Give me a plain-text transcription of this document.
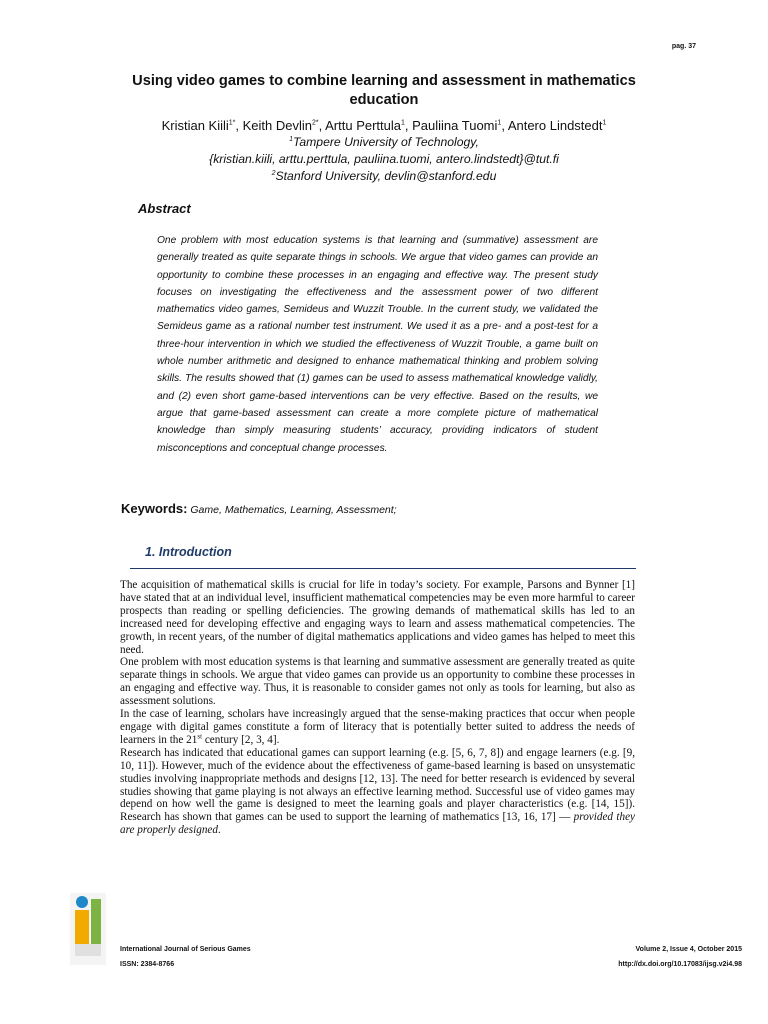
pag. 37
Using video games to combine learning and assessment in mathematics education
Kristian Kiili$^{1*}$, Keith Devlin$^{2*}$, Arttu Perttula$^1$, Pauliina Tuomi$^1$, Antero Lindstedt$^1$
$^1$Tampere University of Technology,
{kristian.kiili, arttu.perttula, pauliina.tuomi, antero.lindstedt}@tut.fi
$^2$Stanford University, devlin@stanford.edu
Abstract
One problem with most education systems is that learning and (summative) assessment are generally treated as quite separate things in schools. We argue that video games can provide an opportunity to combine these processes in an engaging and effective way. The present study focuses on investigating the effectiveness and the assessment power of two different mathematics video games, Semideus and Wuzzit Trouble. In the current study, we validated the Semideus game as a rational number test instrument. We used it as a pre- and a post-test for a three-hour intervention in which we studied the effectiveness of Wuzzit Trouble, a game built on whole number arithmetic and designed to enhance mathematical thinking and problem solving skills. The results showed that (1) games can be used to assess mathematical knowledge validly, and (2) even short game-based interventions can be very effective. Based on the results, we argue that game-based assessment can create a more complete picture of mathematical knowledge than simply measuring students’ accuracy, providing indicators of student misconceptions and conceptual change processes.
Keywords: Game, Mathematics, Learning, Assessment;
1. Introduction

The acquisition of mathematical skills is crucial for life in today’s society. For example, Parsons and Bynner [1] have stated that at an individual level, insufficient mathematical competencies may be even more harmful to career prospects than reading or spelling deficiencies. The growing demands of mathematical skills has led to an increased need for developing effective and engaging ways to learn and assess mathematical competencies. The growth, in recent years, of the number of digital mathematics applications and video games has helped to meet this need.

One problem with most education systems is that learning and summative assessment are generally treated as quite separate things in schools. We argue that video games can provide us an opportunity to combine these processes in an engaging and effective way. Thus, it is reasonable to consider games not only as tools for learning, but also as assessment solutions.

In the case of learning, scholars have increasingly argued that the sense-making practices that occur when people engage with digital games constitute a form of literacy that is potentially better suited to address the needs of learners in the 21st century [2, 3, 4].

Research has indicated that educational games can support learning (e.g. [5, 6, 7, 8]) and engage learners (e.g. [9, 10, 11]). However, much of the evidence about the effectiveness of game-based learning is based on unsystematic studies involving inappropriate methods and designs [12, 13]. The need for better research is evidenced by several studies showing that game playing is not always an effective learning method. Successful use of video games may depend on how well the game is designed to meet the learning goals and player characteristics (e.g. [14, 15]). Research has shown that games can be used to support the learning of mathematics [13, 16, 17] — provided they are properly designed.

International Journal of Serious Games
ISSN: 2384-8766
Volume 2, Issue 4, October 2015
http://dx.doi.org/10.17083/ijsg.v2i4.98
